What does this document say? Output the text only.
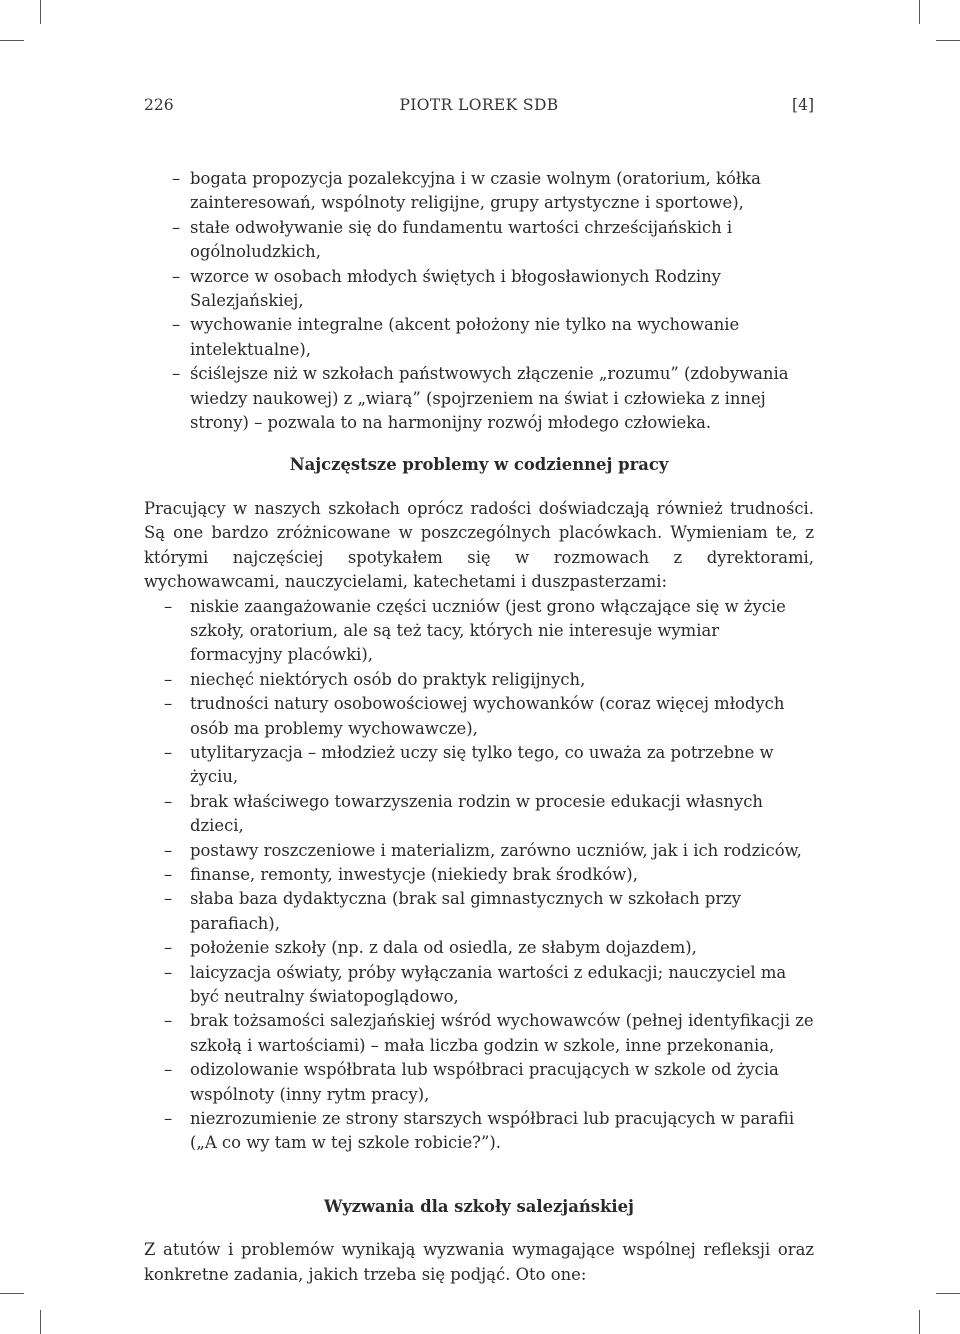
226	PIOTR LOREK SDB	[4]
– bogata propozycja pozalekcyjna i w czasie wolnym (oratorium, kółka zainteresowań, wspólnoty religijne, grupy artystyczne i sportowe),
– stałe odwoływanie się do fundamentu wartości chrześcijańskich i ogólnoludzkich,
– wzorce w osobach młodych świętych i błogosławionych Rodziny Salezjańskiej,
– wychowanie integralne (akcent położony nie tylko na wychowanie intelektualne),
– ściślejsze niż w szkołach państwowych złączenie „rozumu” (zdobywania wiedzy naukowej) z „wiarą” (spojrzeniem na świat i człowieka z innej strony) – pozwala to na harmonijny rozwój młodego człowieka.
Najczęstsze problemy w codziennej pracy

Pracujący w naszych szkołach oprócz radości doświadczają również trudności. Są one bardzo zróżnicowane w poszczególnych placówkach. Wymieniam te, z którymi najczęściej spotykałem się w rozmowach z dyrektorami, wychowawcami, nauczycielami, katechetami i duszpasterzami:

– niskie zaangażowanie części uczniów (jest grono włączające się w życie szkoły, oratorium, ale są też tacy, których nie interesuje wymiar formacyjny placówki),
– niechęć niektórych osób do praktyk religijnych,
– trudności natury osobowościowej wychowanków (coraz więcej młodych osób ma problemy wychowawcze),
– utylitaryzacja – młodzież uczy się tylko tego, co uważa za potrzebne w życiu,
– brak właściwego towarzyszenia rodzin w procesie edukacji własnych dzieci,
– postawy roszczeniowe i materializm, zarówno uczniów, jak i ich rodziców,
– finanse, remonty, inwestycje (niekiedy brak środków),
– słaba baza dydaktyczna (brak sal gimnastycznych w szkołach przy parafiach),
– położenie szkoły (np. z dala od osiedla, ze słabym dojazdem),
– laicyzacja oświaty, próby wyłączania wartości z edukacji; nauczyciel ma być neutralny światopoglądowo,
– brak tożsamości salezjańskiej wśród wychowawców (pełnej identyfikacji ze szkołą i wartościami) – mała liczba godzin w szkole, inne przekonania,
– odizolowanie współbrata lub współbraci pracujących w szkole od życia wspólnoty (inny rytm pracy),
– niezrozumienie ze strony starszych współbraci lub pracujących w parafii („A co wy tam w tej szkole robicie?”).
Wyzwania dla szkoły salezjańskiej

Z atutów i problemów wynikają wyzwania wymagające wspólnej refleksji oraz konkretne zadania, jakich trzeba się podjąć. Oto one:
